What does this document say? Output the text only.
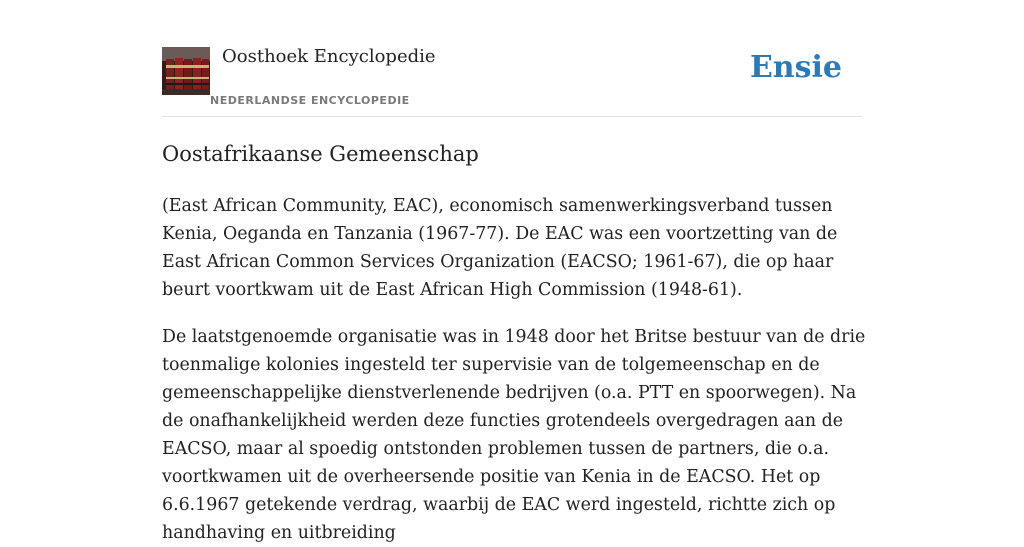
Oosthoek Encyclopedie
NEDERLANDSE ENCYCLOPEDIE
Ensie
Oostafrikaanse Gemeenschap

(East African Community, EAC), economisch samenwerkingsverband tussen Kenia, Oeganda en Tanzania (1967-77). De EAC was een voortzetting van de East African Common Services Organization (EACSO; 1961-67), die op haar beurt voortkwam uit de East African High Commission (1948-61).

De laatstgenoemde organisatie was in 1948 door het Britse bestuur van de drie toenmalige kolonies ingesteld ter supervisie van de tolgemeenschap en de gemeenschappelijke dienstverlenende bedrijven (o.a. PTT en spoorwegen). Na de onafhankelijkheid werden deze functies grotendeels overgedragen aan de EACSO, maar al spoedig ontstonden problemen tussen de partners, die o.a. voortkwamen uit de overheersende positie van Kenia in de EACSO. Het op 6.6.1967 getekende verdrag, waarbij de EAC werd ingesteld, richtte zich op handhaving en uitbreiding
